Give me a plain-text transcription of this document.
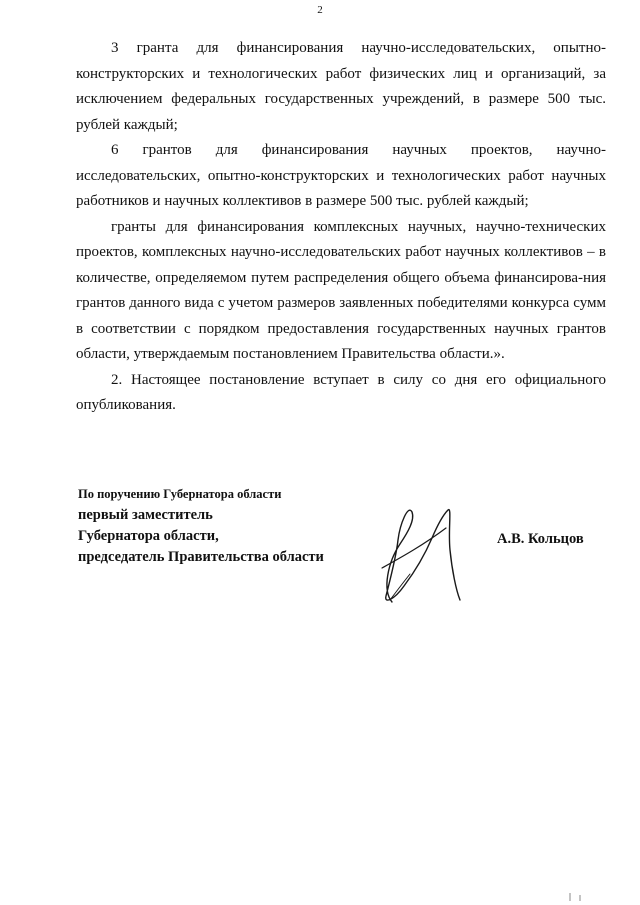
2

3 гранта для финансирования научно-исследовательских, опытно-конструкторских и технологических работ физических лиц и организаций, за исключением федеральных государственных учреждений, в размере 500 тыс. рублей каждый;

6 грантов для финансирования научных проектов, научно-исследовательских, опытно-конструкторских и технологических работ научных работников и научных коллективов в размере 500 тыс. рублей каждый;

гранты для финансирования комплексных научных, научно-технических проектов, комплексных научно-исследовательских работ научных коллективов – в количестве, определяемом путем распределения общего объема финансирова-ния грантов данного вида с учетом размеров заявленных победителями конкурса сумм в соответствии с порядком предоставления государственных научных грантов области, утверждаемым постановлением Правительства области.».

2. Настоящее постановление вступает в силу со дня его официального опубликования.

По поручению Губернатора области
первый заместитель
Губернатора области,
председатель Правительства области
А.В. Кольцов
